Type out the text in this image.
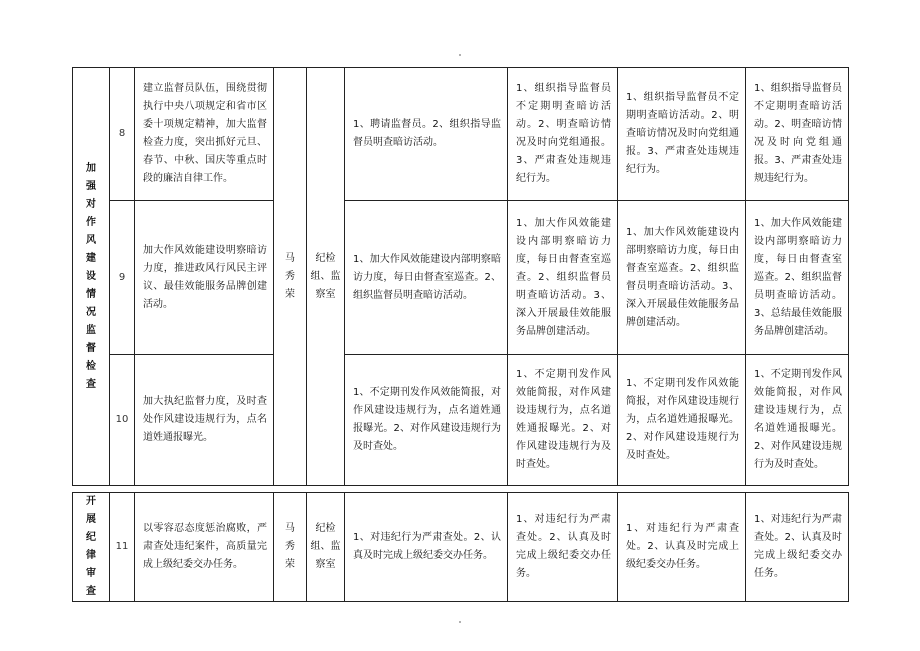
加强对作风建设情况监督检查	8	建立监督员队伍，围绕贯彻执行中央八项规定和省市区委十项规定精神，加大监督检查力度，突出抓好元旦、春节、中秋、国庆等重点时段的廉洁自律工作。	马秀荣	纪检组、监察室	1、聘请监督员。2、组织指导监督员明查暗访活动。	1、组织指导监督员不定期明查暗访活动。2、明查暗访情况及时向党组通报。3、严肃查处违规违纪行为。	1、组织指导监督员不定期明查暗访活动。2、明查暗访情况及时向党组通报。3、严肃查处违规违纪行为。	1、组织指导监督员不定期明查暗访活动。2、明查暗访情况及时向党组通报。3、严肃查处违规违纪行为。
	9	加大作风效能建设明察暗访力度，推进政风行风民主评议、最佳效能服务品牌创建活动。			1、加大作风效能建设内部明察暗访力度，每日由督查室巡查。2、组织监督员明查暗访活动。	1、加大作风效能建设内部明察暗访力度，每日由督查室巡查。2、组织监督员明查暗访活动。3、深入开展最佳效能服务品牌创建活动。	1、加大作风效能建设内部明察暗访力度，每日由督查室巡查。2、组织监督员明查暗访活动。3、深入开展最佳效能服务品牌创建活动。	1、加大作风效能建设内部明察暗访力度，每日由督查室巡查。2、组织监督员明查暗访活动。3、总结最佳效能服务品牌创建活动。
	10	加大执纪监督力度，及时查处作风建设违规行为，点名道姓通报曝光。			1、不定期刊发作风效能简报，对作风建设违规行为，点名道姓通报曝光。2、对作风建设违规行为及时查处。	1、不定期刊发作风效能简报，对作风建设违规行为，点名道姓通报曝光。2、对作风建设违规行为及时查处。	1、不定期刊发作风效能简报，对作风建设违规行为，点名道姓通报曝光。2、对作风建设违规行为及时查处。	1、不定期刊发作风效能简报，对作风建设违规行为，点名道姓通报曝光。2、对作风建设违规行为及时查处。

开展纪律审查	11	以零容忍态度惩治腐败，严肃查处违纪案件，高质量完成上级纪委交办任务。	马秀荣	纪检组、监察室	1、对违纪行为严肃查处。2、认真及时完成上级纪委交办任务。	1、对违纪行为严肃查处。2、认真及时完成上级纪委交办任务。	1、对违纪行为严肃查处。2、认真及时完成上级纪委交办任务。	1、对违纪行为严肃查处。2、认真及时完成上级纪委交办任务。
